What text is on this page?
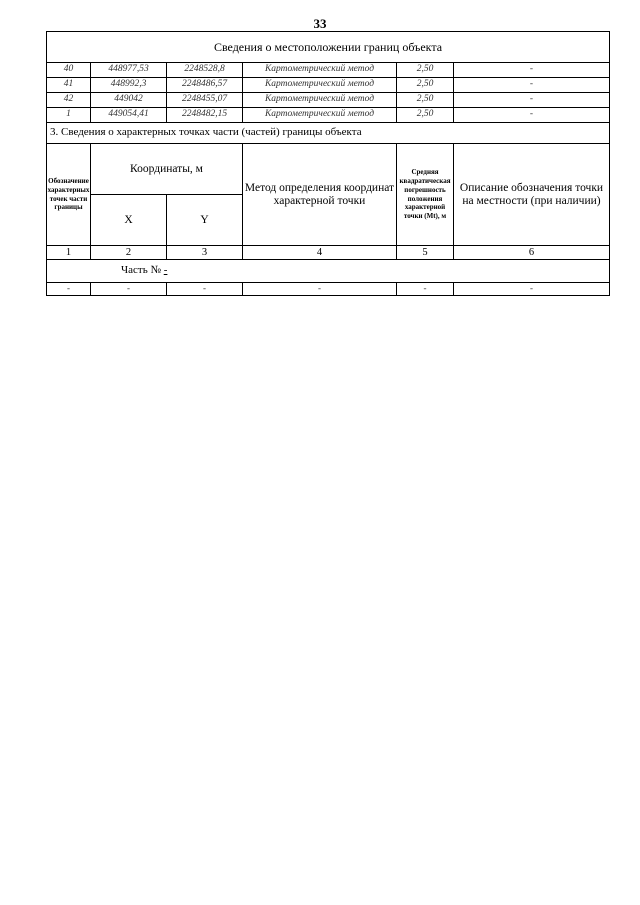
33
Сведения о местоположении границ объекта					
40	448977,53	2248528,8	Картометрический метод	2,50	-
41	448992,3	2248486,57	Картометрический метод	2,50	-
42	449042	2248455,07	Картометрический метод	2,50	-
1	449054,41	2248482,15	Картометрический метод	2,50	-
3. Сведения о характерных точках части (частей) границы объекта					
Обозначение характерных точек части границы	Координаты, м		Метод определения координат характерной точки	Средняя квадратическая погрешность положения характерной точки (Mt), м	Описание обозначения точки на местности (при наличии)
	X	Y			
1	2	3	4	5	6
Часть № -					
-	-	-	-	-	-
